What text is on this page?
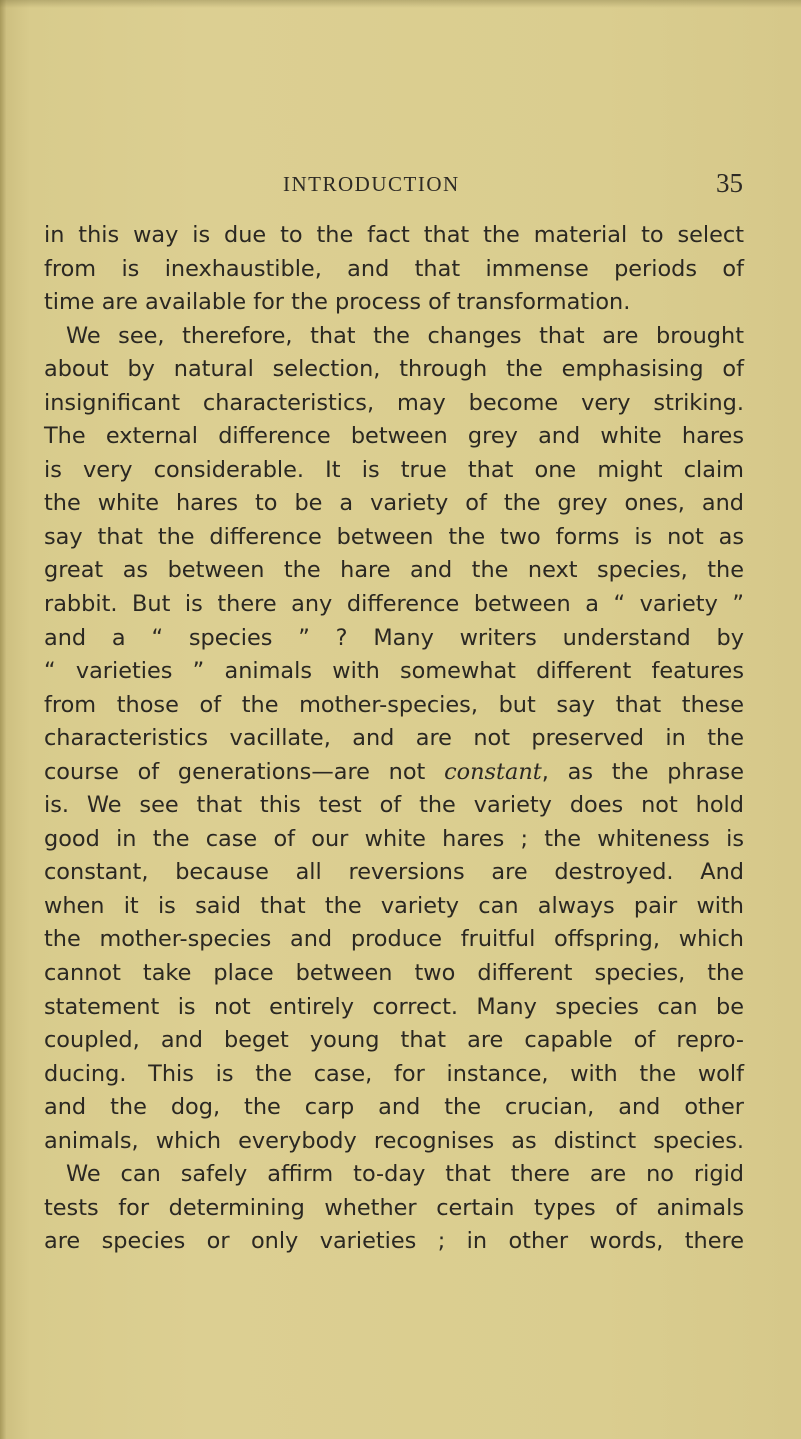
INTRODUCTION	35
in this way is due to the fact that the material to select
from is inexhaustible, and that immense periods of
time are available for the process of transformation.
We see, therefore, that the changes that are brought
about by natural selection, through the emphasising of
insignificant characteristics, may become very striking.
The external difference between grey and white hares
is very considerable. It is true that one might claim
the white hares to be a variety of the grey ones, and
say that the difference between the two forms is not as
great as between the hare and the next species, the
rabbit. But is there any difference between a “ variety ”
and a “ species ” ? Many writers understand by
“ varieties ” animals with somewhat different features
from those of the mother-species, but say that these
characteristics vacillate, and are not preserved in the
course of generations—are not constant, as the phrase
is. We see that this test of the variety does not hold
good in the case of our white hares ; the whiteness is
constant, because all reversions are destroyed. And
when it is said that the variety can always pair with
the mother-species and produce fruitful offspring, which
cannot take place between two different species, the
statement is not entirely correct. Many species can be
coupled, and beget young that are capable of repro-
ducing. This is the case, for instance, with the wolf
and the dog, the carp and the crucian, and other
animals, which everybody recognises as distinct species.
We can safely affirm to-day that there are no rigid
tests for determining whether certain types of animals
are species or only varieties ; in other words, there
